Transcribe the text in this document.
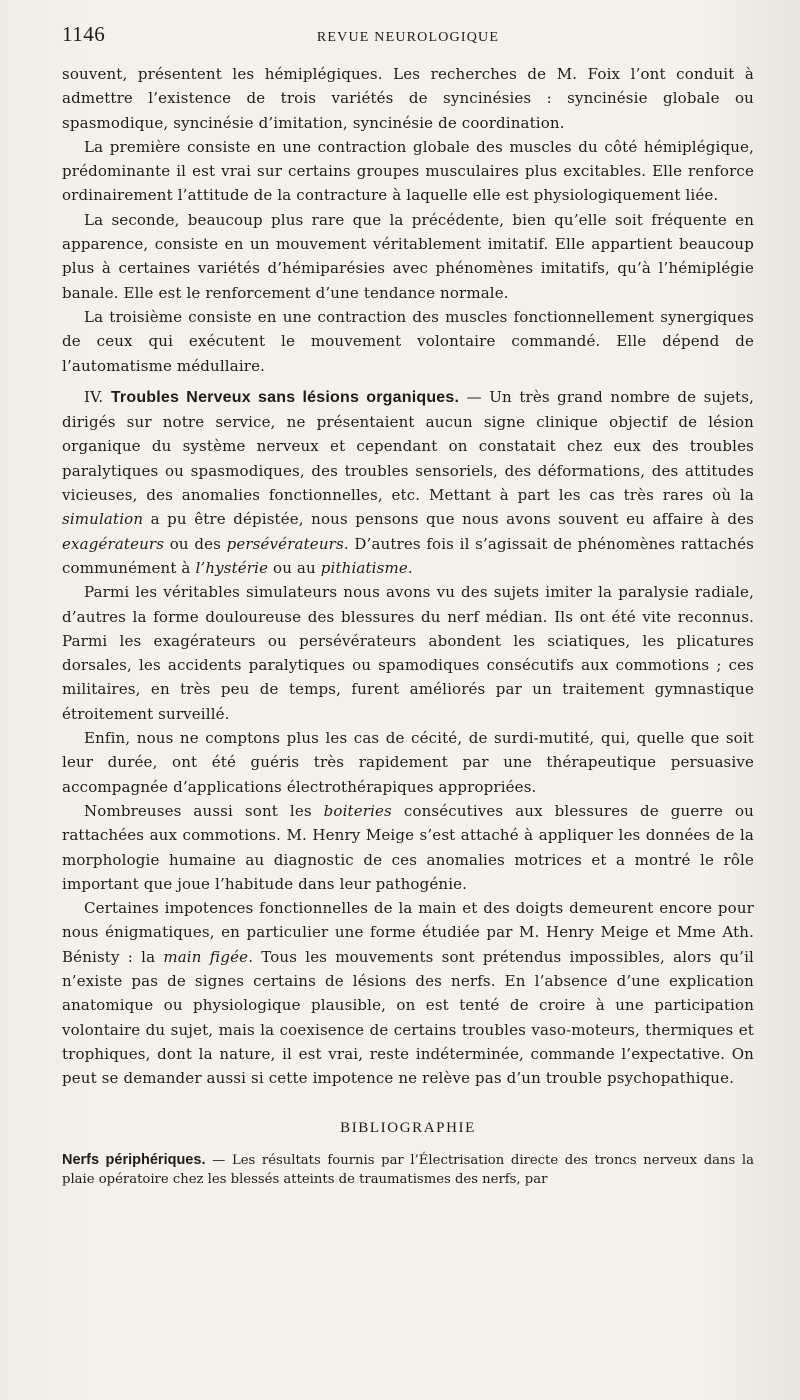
1146	REVUE NEUROLOGIQUE

souvent, présentent les hémiplégiques. Les recherches de M. Foix l’ont conduit à admettre l’existence de trois variétés de syncinésies : syncinésie globale ou spasmodique, syncinésie d’imitation, syncinésie de coordination.

La première consiste en une contraction globale des muscles du côté hémiplégique, prédominante il est vrai sur certains groupes musculaires plus excitables. Elle renforce ordinairement l’attitude de la contracture à laquelle elle est physiologiquement liée.

La seconde, beaucoup plus rare que la précédente, bien qu’elle soit fréquente en apparence, consiste en un mouvement véritablement imitatif. Elle appartient beaucoup plus à certaines variétés d’hémiparésies avec phénomènes imitatifs, qu’à l’hémiplégie banale. Elle est le renforcement d’une tendance normale.

La troisième consiste en une contraction des muscles fonctionnellement synergiques de ceux qui exécutent le mouvement volontaire commandé. Elle dépend de l’automatisme médullaire.

IV. Troubles Nerveux sans lésions organiques. — Un très grand nombre de sujets, dirigés sur notre service, ne présentaient aucun signe clinique objectif de lésion organique du système nerveux et cependant on constatait chez eux des troubles paralytiques ou spasmodiques, des troubles sensoriels, des déformations, des attitudes vicieuses, des anomalies fonctionnelles, etc. Mettant à part les cas très rares où la simulation a pu être dépistée, nous pensons que nous avons souvent eu affaire à des exagérateurs ou des persévérateurs. D’autres fois il s’agissait de phénomènes rattachés communément à l’hystérie ou au pithiatisme.

Parmi les véritables simulateurs nous avons vu des sujets imiter la paralysie radiale, d’autres la forme douloureuse des blessures du nerf médian. Ils ont été vite reconnus. Parmi les exagérateurs ou persévérateurs abondent les sciatiques, les plicatures dorsales, les accidents paralytiques ou spamodiques consécutifs aux commotions ; ces militaires, en très peu de temps, furent améliorés par un traitement gymnastique étroitement surveillé.

Enfin, nous ne comptons plus les cas de cécité, de surdi-mutité, qui, quelle que soit leur durée, ont été guéris très rapidement par une thérapeutique persuasive accompagnée d’applications électrothérapiques appropriées.

Nombreuses aussi sont les boiteries consécutives aux blessures de guerre ou rattachées aux commotions. M. Henry Meige s’est attaché à appliquer les données de la morphologie humaine au diagnostic de ces anomalies motrices et a montré le rôle important que joue l’habitude dans leur pathogénie.

Certaines impotences fonctionnelles de la main et des doigts demeurent encore pour nous énigmatiques, en particulier une forme étudiée par M. Henry Meige et Mme Ath. Bénisty : la main figée. Tous les mouvements sont prétendus impossibles, alors qu’il n’existe pas de signes certains de lésions des nerfs. En l’absence d’une explication anatomique ou physiologique plausible, on est tenté de croire à une participation volontaire du sujet, mais la coexisence de certains troubles vaso-moteurs, thermiques et trophiques, dont la nature, il est vrai, reste indéterminée, commande l’expectative. On peut se demander aussi si cette impotence ne relève pas d’un trouble psychopathique.

BIBLIOGRAPHIE

Nerfs périphériques. — Les résultats fournis par l’Électrisation directe des troncs nerveux dans la plaie opératoire chez les blessés atteints de traumatismes des nerfs, par
